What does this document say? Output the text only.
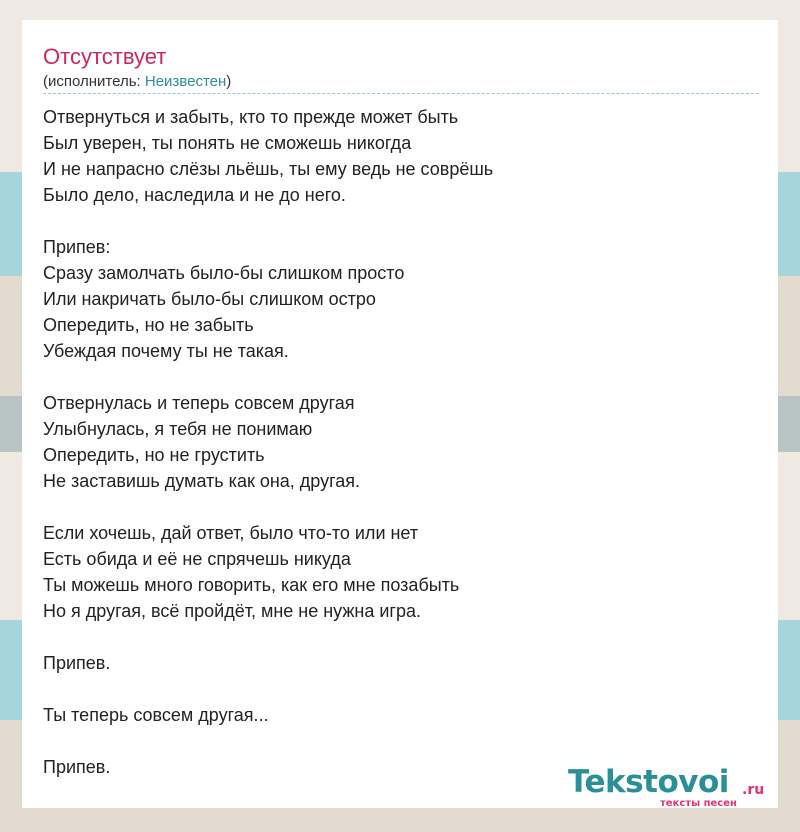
Отсутствует
(исполнитель: Неизвестен)
Отвернуться и забыть, кто то прежде может быть
Был уверен, ты понять не сможешь никогда
И не напрасно слёзы льёшь, ты ему ведь не соврёшь
Было дело, наследила и не до него.
Припев:
Сразу замолчать было-бы слишком просто
Или накричать было-бы слишком остро
Опередить, но не забыть
Убеждая почему ты не такая.
Отвернулась и теперь совсем другая
Улыбнулась, я тебя не понимаю
Опередить, но не грустить
Не заставишь думать как она, другая.
Если хочешь, дай ответ, было что-то или нет
Есть обида и её не спрячешь никуда
Ты можешь много говорить, как его мне позабыть
Но я другая, всё пройдёт, мне не нужна игра.
Припев.
Ты теперь совсем другая...
Припев.	Tekstovoi .ru
тексты песен
